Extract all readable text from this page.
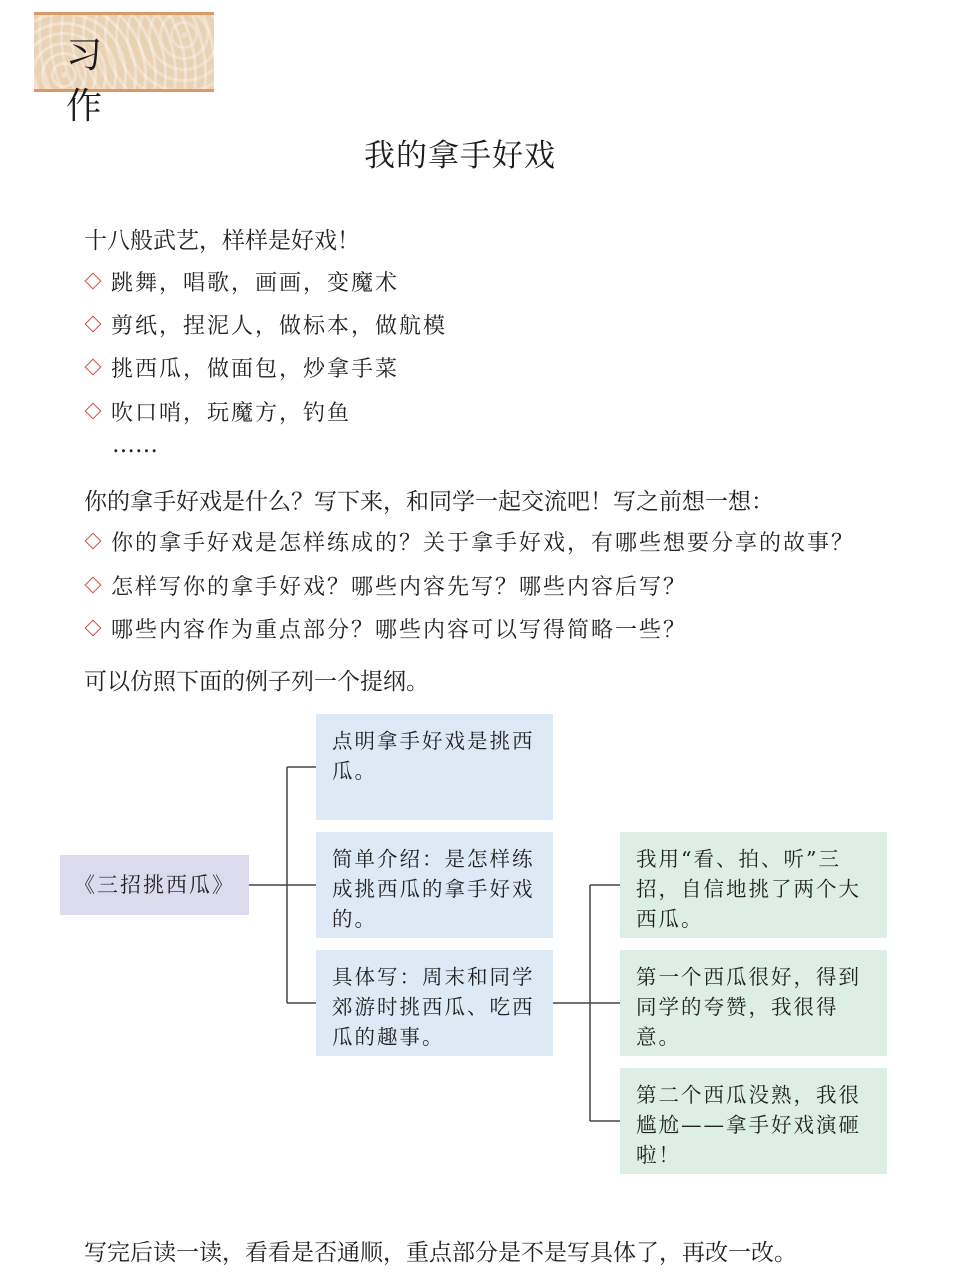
习作
我的拿手好戏
十八般武艺，样样是好戏！
跳舞，唱歌，画画，变魔术
剪纸，捏泥人，做标本，做航模
挑西瓜，做面包，炒拿手菜
吹口哨，玩魔方，钓鱼
……
你的拿手好戏是什么？写下来，和同学一起交流吧！写之前想一想：
你的拿手好戏是怎样练成的？关于拿手好戏，有哪些想要分享的故事？
怎样写你的拿手好戏？哪些内容先写？哪些内容后写？
哪些内容作为重点部分？哪些内容可以写得简略一些？
可以仿照下面的例子列一个提纲。
《三招挑西瓜》
点明拿手好戏是挑西瓜。
简单介绍：是怎样练成挑西瓜的拿手好戏的。
具体写：周末和同学郊游时挑西瓜、吃西瓜的趣事。
我用“看、拍、听”三招，自信地挑了两个大西瓜。
第一个西瓜很好，得到同学的夸赞，我很得意。
第二个西瓜没熟，我很尴尬——拿手好戏演砸啦！
写完后读一读，看看是否通顺，重点部分是不是写具体了，再改一改。
